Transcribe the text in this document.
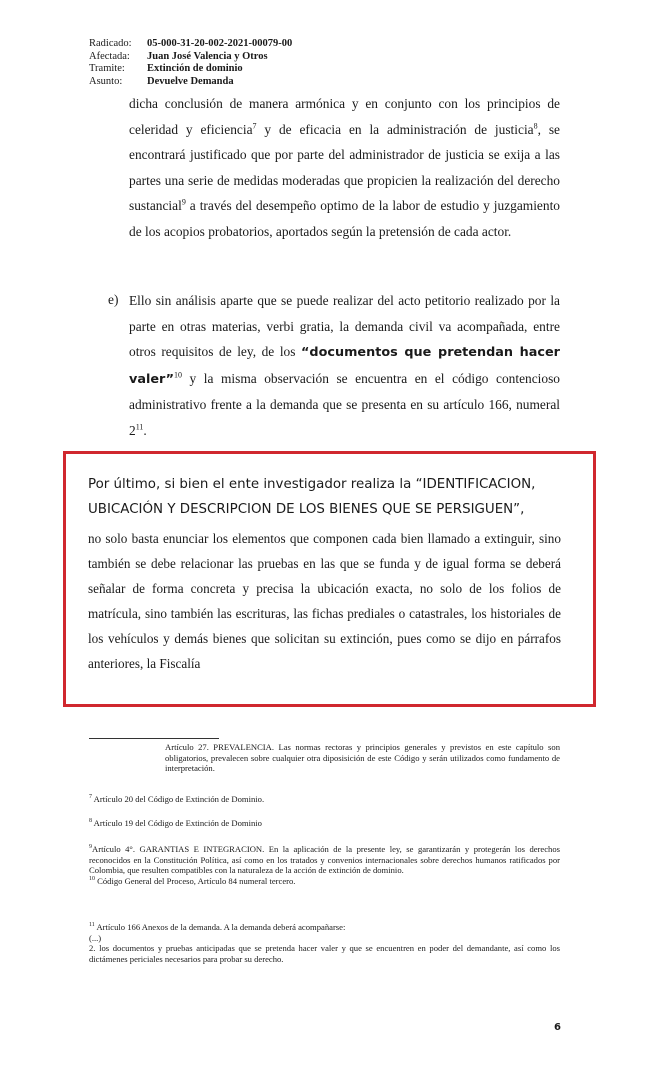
Radicado:	05-000-31-20-002-2021-00079-00
Afectada:	Juan José Valencia y Otros
Tramite:	Extinción de dominio
Asunto:	Devuelve Demanda

dicha conclusión de manera armónica y en conjunto con los principios de celeridad y eficiencia$^7$ y de eficacia en la administración de justicia$^8$, se encontrará justificado que por parte del administrador de justicia se exija a las partes una serie de medidas moderadas que propicien la realización del derecho sustancial$^9$ a través del desempeño optimo de la labor de estudio y juzgamiento de los acopios probatorios, aportados según la pretensión de cada actor.

e) Ello sin análisis aparte que se puede realizar del acto petitorio realizado por la parte en otras materias, verbi gratia, la demanda civil va acompañada, entre otros requisitos de ley, de los “documentos que pretendan hacer valer”$^{10}$ y la misma observación se encuentra en el código contencioso administrativo frente a la demanda que se presenta en su artículo 166, numeral $2^{11}$.

Por último, si bien el ente investigador realiza la “IDENTIFICACION, UBICACIÓN Y DESCRIPCION DE LOS BIENES QUE SE PERSIGUEN”,
no solo basta enunciar los elementos que componen cada bien llamado a extinguir, sino también se debe relacionar las pruebas en las que se funda y de igual forma se deberá señalar de forma concreta y precisa la ubicación exacta, no solo de los folios de matrícula, sino también las escrituras, las fichas prediales o catastrales, los historiales de los vehículos y demás bienes que solicitan su extinción, pues como se dijo en párrafos anteriores, la Fiscalía

Artículo 27. PREVALENCIA. Las normas rectoras y principios generales y previstos en este capítulo son obligatorios, prevalecen sobre cualquier otra diposisición de este Código y serán utilizados como fundamento de interpretación.

$^7$ Artículo 20 del Código de Extinción de Dominio.

$^8$ Artículo 19 del Código de Extinción de Dominio

$^9$Artículo 4°. GARANTIAS E INTEGRACION. En la aplicación de la presente ley, se garantizarán y protegerán los derechos reconocidos en la Constitución Política, así como en los tratados y convenios internacionales sobre derechos humanos ratificados por Colombia, que resulten compatibles con la naturaleza de la acción de extinción de dominio.

$^{10}$ Código General del Proceso, Artículo 84 numeral tercero.

$^{11}$ Artículo 166 Anexos de la demanda. A la demanda deberá acompañarse:

(...)

2. los documentos y pruebas anticipadas que se pretenda hacer valer y que se encuentren en poder del demandante, así como los dictámenes periciales necesarios para probar su derecho.

6
